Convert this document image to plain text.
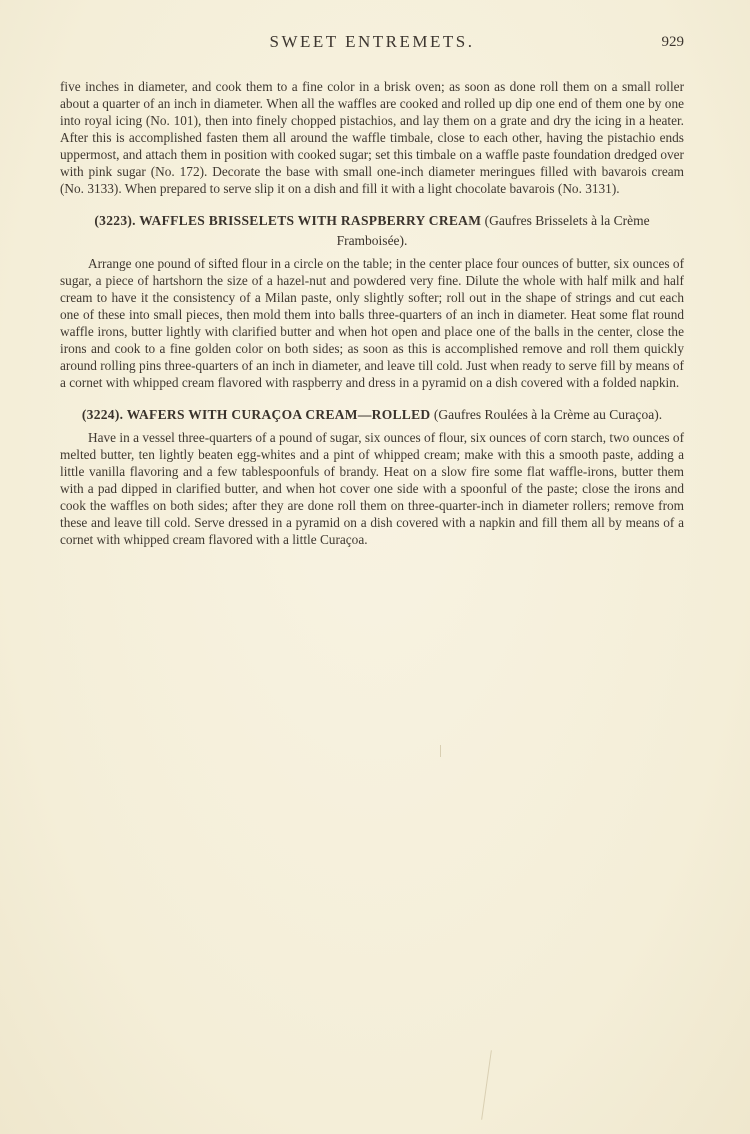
SWEET ENTREMETS.	929

five inches in diameter, and cook them to a fine color in a brisk oven; as soon as done roll them on a small roller about a quarter of an inch in diameter. When all the waffles are cooked and rolled up dip one end of them one by one into royal icing (No. 101), then into finely chopped pistachios, and lay them on a grate and dry the icing in a heater. After this is accomplished fasten them all around the waffle timbale, close to each other, having the pistachio ends uppermost, and attach them in position with cooked sugar; set this timbale on a waffle paste foundation dredged over with pink sugar (No. 172). Decorate the base with small one-inch diameter meringues filled with bavarois cream (No. 3133). When prepared to serve slip it on a dish and fill it with a light chocolate bavarois (No. 3131).

(3223). WAFFLES BRISSELETS WITH RASPBERRY CREAM (Gaufres Brisselets à la Crème Framboisée).

Arrange one pound of sifted flour in a circle on the table; in the center place four ounces of butter, six ounces of sugar, a piece of hartshorn the size of a hazel-nut and powdered very fine. Dilute the whole with half milk and half cream to have it the consistency of a Milan paste, only slightly softer; roll out in the shape of strings and cut each one of these into small pieces, then mold them into balls three-quarters of an inch in diameter. Heat some flat round waffle irons, butter lightly with clarified butter and when hot open and place one of the balls in the center, close the irons and cook to a fine golden color on both sides; as soon as this is accomplished remove and roll them quickly around rolling pins three-quarters of an inch in diameter, and leave till cold. Just when ready to serve fill by means of a cornet with whipped cream flavored with raspberry and dress in a pyramid on a dish covered with a folded napkin.

(3224). WAFERS WITH CURAÇOA CREAM—ROLLED (Gaufres Roulées à la Crème au Curaçoa).

Have in a vessel three-quarters of a pound of sugar, six ounces of flour, six ounces of corn starch, two ounces of melted butter, ten lightly beaten egg-whites and a pint of whipped cream; make with this a smooth paste, adding a little vanilla flavoring and a few tablespoonfuls of brandy. Heat on a slow fire some flat waffle-irons, butter them with a pad dipped in clarified butter, and when hot cover one side with a spoonful of the paste; close the irons and cook the waffles on both sides; after they are done roll them on three-quarter-inch in diameter rollers; remove from these and leave till cold. Serve dressed in a pyramid on a dish covered with a napkin and fill them all by means of a cornet with whipped cream flavored with a little Curaçoa.
